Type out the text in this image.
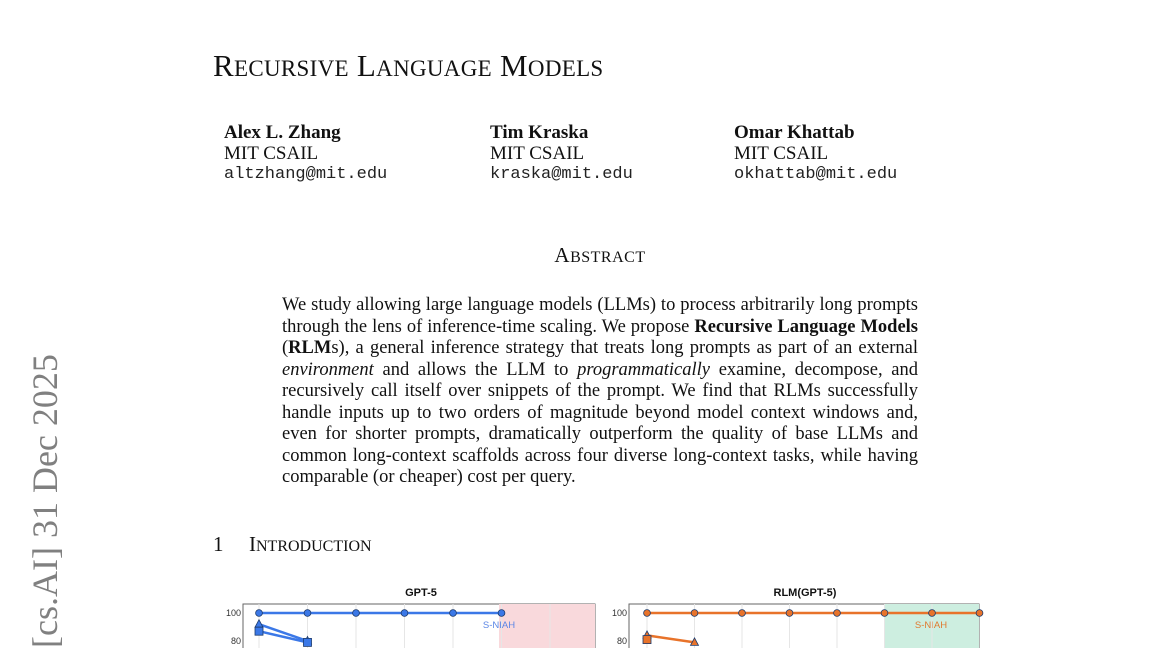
[cs.AI] 31 Dec 2025
RECURSIVE LANGUAGE MODELS
Alex L. Zhang
MIT CSAIL
altzhang@mit.edu
Tim Kraska
MIT CSAIL
kraska@mit.edu
Omar Khattab
MIT CSAIL
okhattab@mit.edu
ABSTRACT

We study allowing large language models (LLMs) to process arbitrarily long prompts through the lens of inference-time scaling. We propose Recursive Language Models (RLMs), a general inference strategy that treats long prompts as part of an external environment and allows the LLM to programmatically examine, decompose, and recursively call itself over snippets of the prompt. We find that RLMs successfully handle inputs up to two orders of magnitude beyond model context windows and, even for shorter prompts, dramatically outperform the quality of base LLMs and common long-context scaffolds across four diverse long-context tasks, while having comparable (or cheaper) cost per query.

1 INTRODUCTION
GPT-5
100
80
S-NIAH
RLM(GPT-5)
100
80
S-NIAH
